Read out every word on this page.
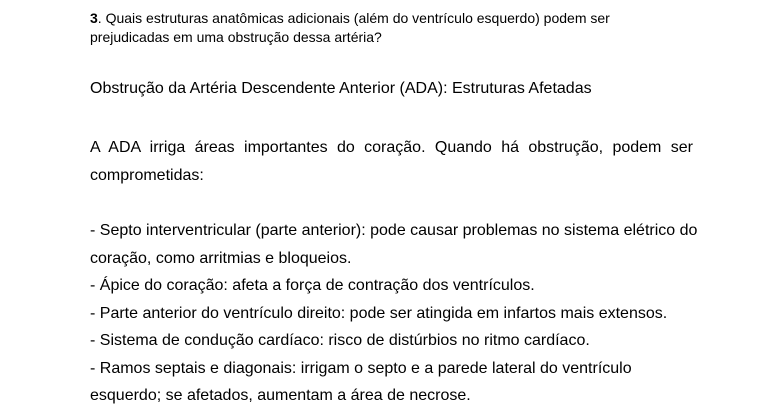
3. Quais estruturas anatômicas adicionais (além do ventrículo esquerdo) podem ser prejudicadas em uma obstrução dessa artéria?
Obstrução da Artéria Descendente Anterior (ADA): Estruturas Afetadas
A ADA irriga áreas importantes do coração. Quando há obstrução, podem ser comprometidas:
- Septo interventricular (parte anterior): pode causar problemas no sistema elétrico do coração, como arritmias e bloqueios.
- Ápice do coração: afeta a força de contração dos ventrículos.
- Parte anterior do ventrículo direito: pode ser atingida em infartos mais extensos.
- Sistema de condução cardíaco: risco de distúrbios no ritmo cardíaco.
- Ramos septais e diagonais: irrigam o septo e a parede lateral do ventrículo esquerdo; se afetados, aumentam a área de necrose.
